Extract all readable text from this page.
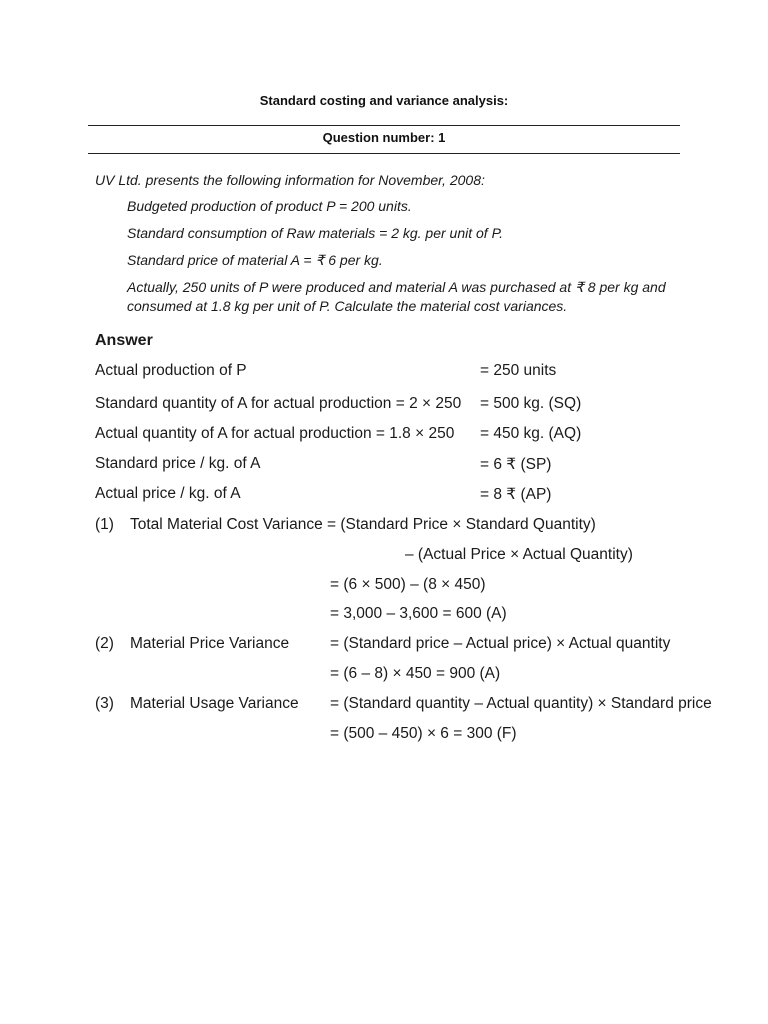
Standard costing and variance analysis:
Question number: 1
UV Ltd. presents the following information for November, 2008:
Budgeted production of product P = 200 units.
Standard consumption of Raw materials = 2 kg. per unit of P.
Standard price of material A = ₹ 6 per kg.
Actually, 250 units of P were produced and material A was purchased at ₹ 8 per kg and consumed at 1.8 kg per unit of P. Calculate the material cost variances.
Answer
Actual production of P	= 250 units
Standard quantity of A for actual production = 2 × 250 = 500 kg. (SQ)
Actual quantity of A for actual production = 1.8 × 250 = 450 kg. (AQ)
Standard price / kg. of A	= 6 ₹ (SP)
Actual price / kg. of A	= 8 ₹ (AP)
(1) Total Material Cost Variance = (Standard Price × Standard Quantity)
– (Actual Price × Actual Quantity)
= (6 × 500) – (8 × 450)
= 3,000 – 3,600 = 600 (A)
(2) Material Price Variance	= (Standard price – Actual price) × Actual quantity
= (6 – 8) × 450 = 900 (A)
(3) Material Usage Variance = (Standard quantity – Actual quantity) × Standard price
= (500 – 450) × 6 = 300 (F)
